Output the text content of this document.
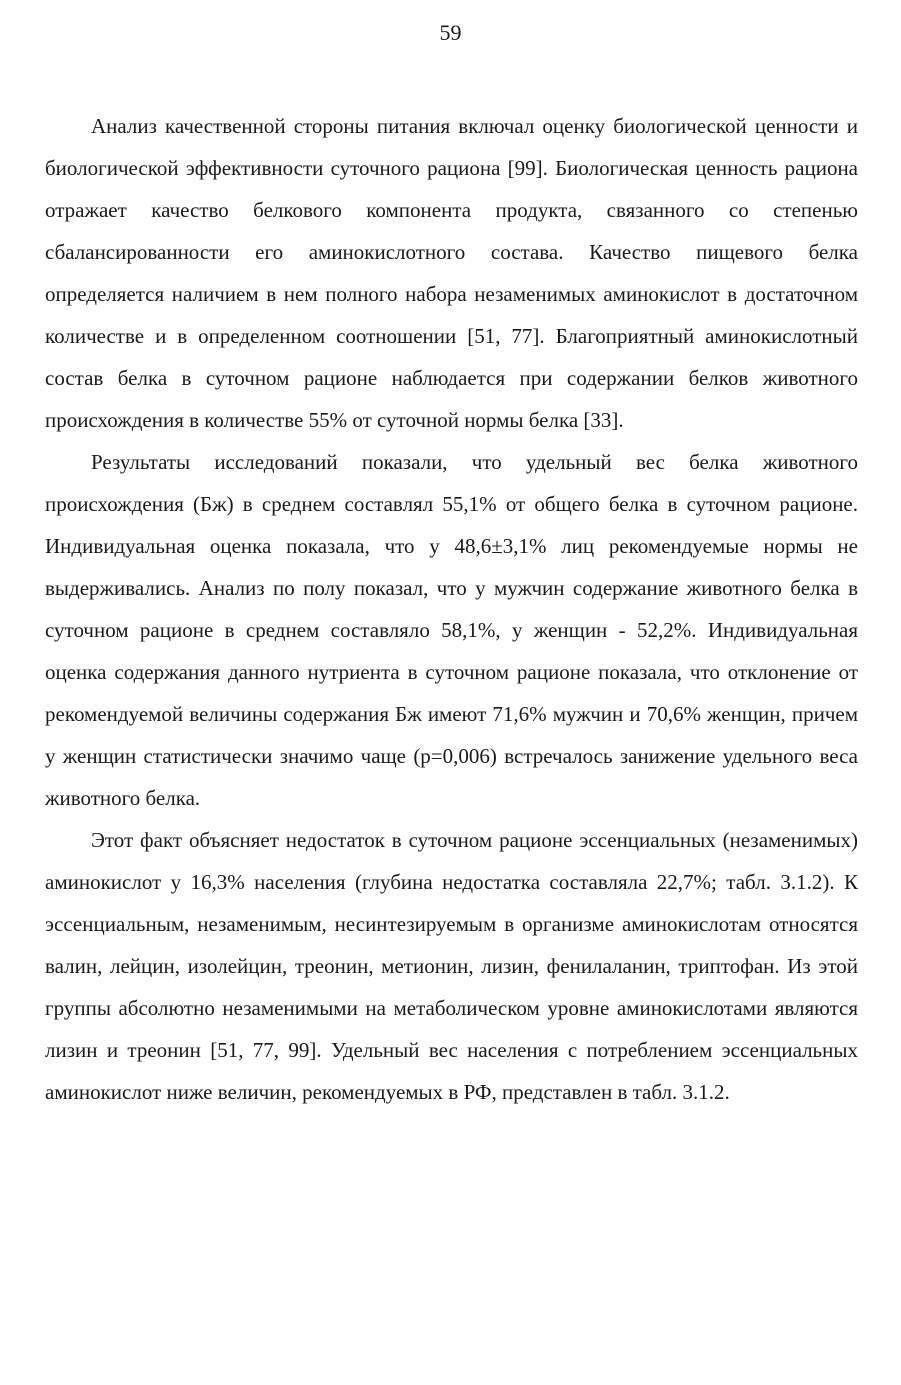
59

Анализ качественной стороны питания включал оценку биологической ценности и биологической эффективности суточного рациона [99]. Биологическая ценность рациона отражает качество белкового компонента продукта, связанного со степенью сбалансированности его аминокислотного состава. Качество пищевого белка определяется наличием в нем полного набора незаменимых аминокислот в достаточном количестве и в определенном соотношении [51, 77]. Благоприятный аминокислотный состав белка в суточном рационе наблюдается при содержании белков животного происхождения в количестве 55% от суточной нормы белка [33].

Результаты исследований показали, что удельный вес белка животного происхождения (Бж) в среднем составлял 55,1% от общего белка в суточном рационе. Индивидуальная оценка показала, что у 48,6±3,1% лиц рекомендуемые нормы не выдерживались. Анализ по полу показал, что у мужчин содержание животного белка в суточном рационе в среднем составляло 58,1%, у женщин - 52,2%. Индивидуальная оценка содержания данного нутриента в суточном рационе показала, что отклонение от рекомендуемой величины содержания Бж имеют 71,6% мужчин и 70,6% женщин, причем у женщин статистически значимо чаще (p=0,006) встречалось занижение удельного веса животного белка.

Этот факт объясняет недостаток в суточном рационе эссенциальных (незаменимых) аминокислот у 16,3% населения (глубина недостатка составляла 22,7%; табл. 3.1.2). К эссенциальным, незаменимым, несинтезируемым в организме аминокислотам относятся валин, лейцин, изолейцин, треонин, метионин, лизин, фенилаланин, триптофан. Из этой группы абсолютно незаменимыми на метаболическом уровне аминокислотами являются лизин и треонин [51, 77, 99]. Удельный вес населения с потреблением эссенциальных аминокислот ниже величин, рекомендуемых в РФ, представлен в табл. 3.1.2.
